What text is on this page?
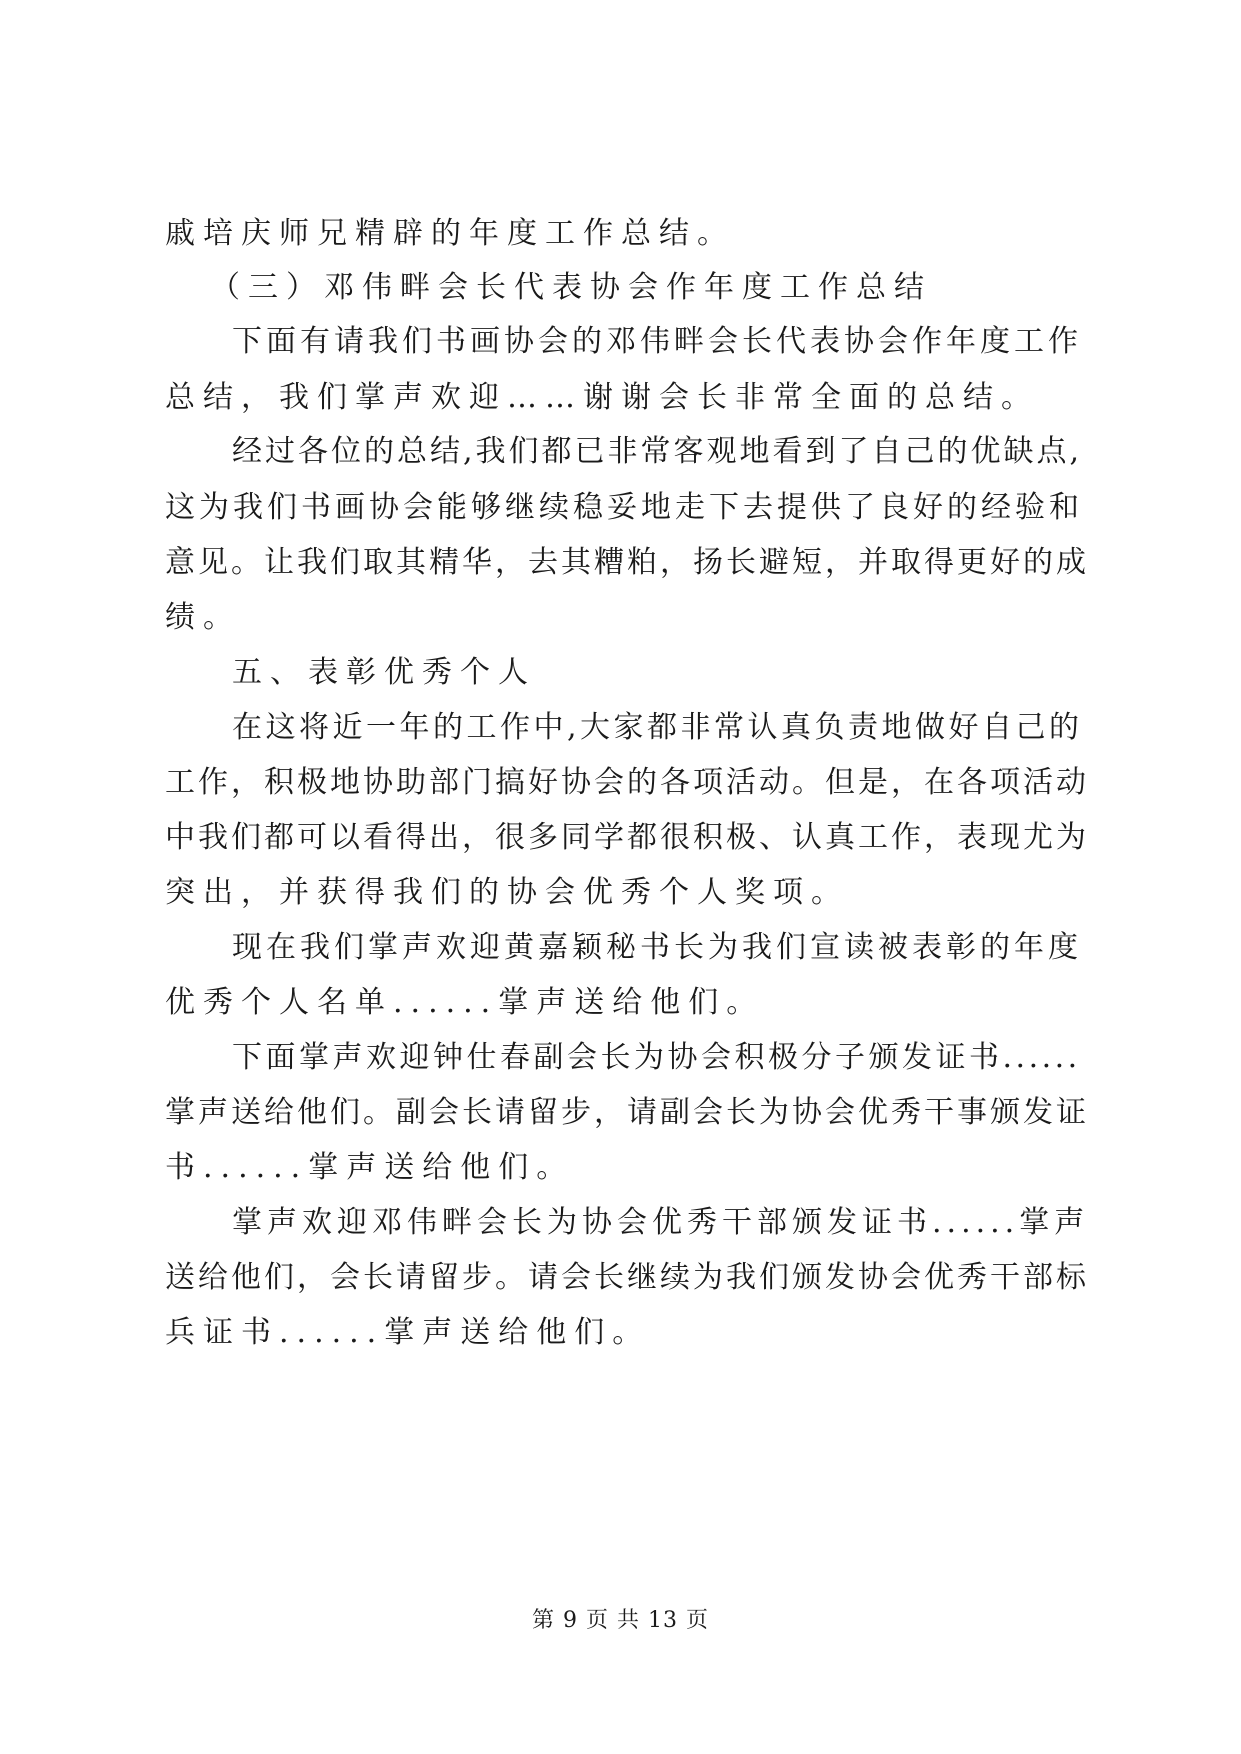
戚培庆师兄精辟的年度工作总结。
（三）邓伟畔会长代表协会作年度工作总结
下面有请我们书画协会的邓伟畔会长代表协会作年度工作
总结，我们掌声欢迎……谢谢会长非常全面的总结。
经过各位的总结,我们都已非常客观地看到了自己的优缺点,
这为我们书画协会能够继续稳妥地走下去提供了良好的经验和
意见。让我们取其精华，去其糟粕，扬长避短，并取得更好的成
绩。
五、表彰优秀个人
在这将近一年的工作中,大家都非常认真负责地做好自己的
工作，积极地协助部门搞好协会的各项活动。但是，在各项活动
中我们都可以看得出，很多同学都很积极、认真工作，表现尤为
突出，并获得我们的协会优秀个人奖项。
现在我们掌声欢迎黄嘉颖秘书长为我们宣读被表彰的年度
优秀个人名单......掌声送给他们。
下面掌声欢迎钟仕春副会长为协会积极分子颁发证书......
掌声送给他们。副会长请留步，请副会长为协会优秀干事颁发证
书......掌声送给他们。
掌声欢迎邓伟畔会长为协会优秀干部颁发证书......掌声
送给他们，会长请留步。请会长继续为我们颁发协会优秀干部标
兵证书......掌声送给他们。
第 9 页 共 13 页
